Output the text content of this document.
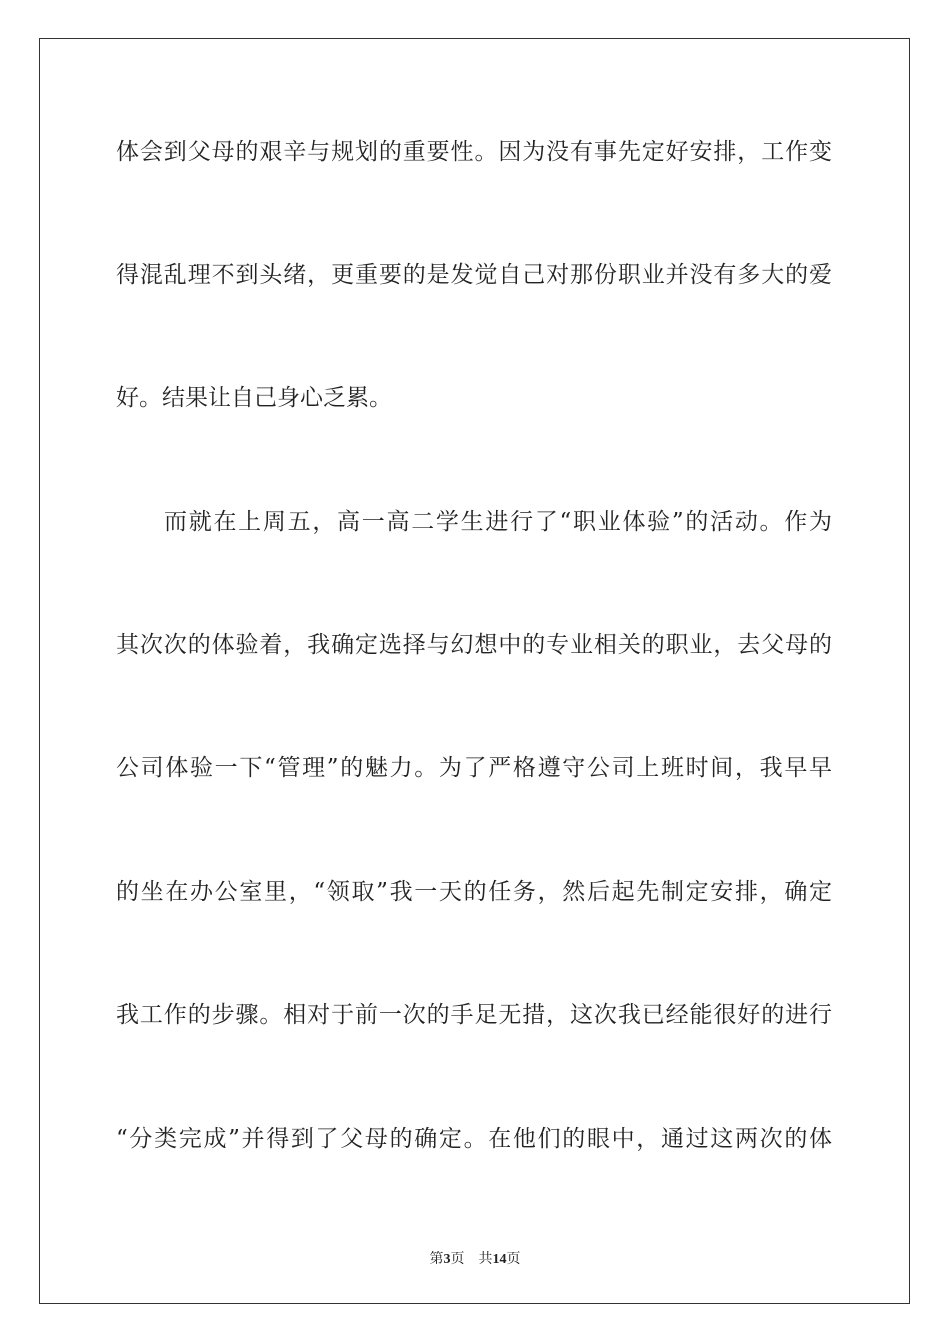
体会到父母的艰辛与规划的重要性。因为没有事先定好安排，工作变
得混乱理不到头绪，更重要的是发觉自己对那份职业并没有多大的爱
好。结果让自己身心乏累。
而就在上周五，高一高二学生进行了“职业体验”的活动。作为
其次次的体验着，我确定选择与幻想中的专业相关的职业，去父母的
公司体验一下“管理”的魅力。为了严格遵守公司上班时间，我早早
的坐在办公室里，“领取”我一天的任务，然后起先制定安排，确定
我工作的步骤。相对于前一次的手足无措，这次我已经能很好的进行
“分类完成”并得到了父母的确定。在他们的眼中，通过这两次的体
第3页 共14页
